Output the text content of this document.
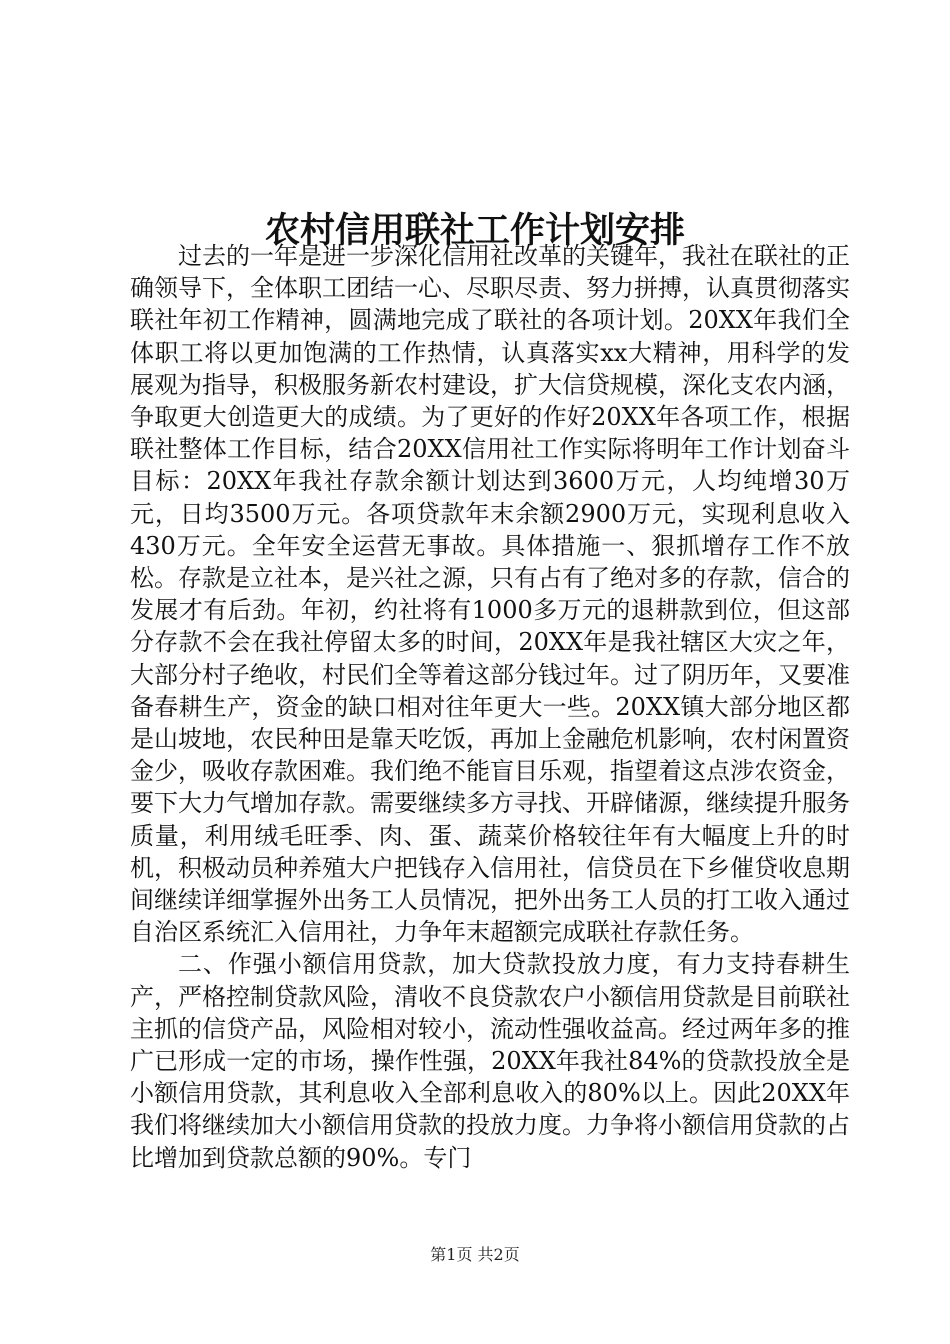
农村信用联社工作计划安排

过去的一年是进一步深化信用社改革的关键年，我社在联社的正确领导下，全体职工团结一心、尽职尽责、努力拼搏，认真贯彻落实联社年初工作精神，圆满地完成了联社的各项计划。20XX年我们全体职工将以更加饱满的工作热情，认真落实xx大精神，用科学的发展观为指导，积极服务新农村建设，扩大信贷规模，深化支农内涵，争取更大创造更大的成绩。为了更好的作好20XX年各项工作，根据联社整体工作目标，结合20XX信用社工作实际将明年工作计划奋斗目标：20XX年我社存款余额计划达到3600万元，人均纯增30万元，日均3500万元。各项贷款年末余额2900万元，实现利息收入430万元。全年安全运营无事故。具体措施一、狠抓增存工作不放松。存款是立社本，是兴社之源，只有占有了绝对多的存款，信合的发展才有后劲。年初，约社将有1000多万元的退耕款到位，但这部分存款不会在我社停留太多的时间，20XX年是我社辖区大灾之年，大部分村子绝收，村民们全等着这部分钱过年。过了阴历年，又要准备春耕生产，资金的缺口相对往年更大一些。20XX镇大部分地区都是山坡地，农民种田是靠天吃饭，再加上金融危机影响，农村闲置资金少，吸收存款困难。我们绝不能盲目乐观，指望着这点涉农资金，要下大力气增加存款。需要继续多方寻找、开辟储源，继续提升服务质量，利用绒毛旺季、肉、蛋、蔬菜价格较往年有大幅度上升的时机，积极动员种养殖大户把钱存入信用社，信贷员在下乡催贷收息期间继续详细掌握外出务工人员情况，把外出务工人员的打工收入通过自治区系统汇入信用社，力争年末超额完成联社存款任务。

二、作强小额信用贷款，加大贷款投放力度，有力支持春耕生产，严格控制贷款风险，清收不良贷款农户小额信用贷款是目前联社主抓的信贷产品，风险相对较小，流动性强收益高。经过两年多的推广已形成一定的市场，操作性强，20XX年我社84%的贷款投放全是小额信用贷款，其利息收入全部利息收入的80%以上。因此20XX年我们将继续加大小额信用贷款的投放力度。力争将小额信用贷款的占比增加到贷款总额的90%。专门

第1页 共2页
